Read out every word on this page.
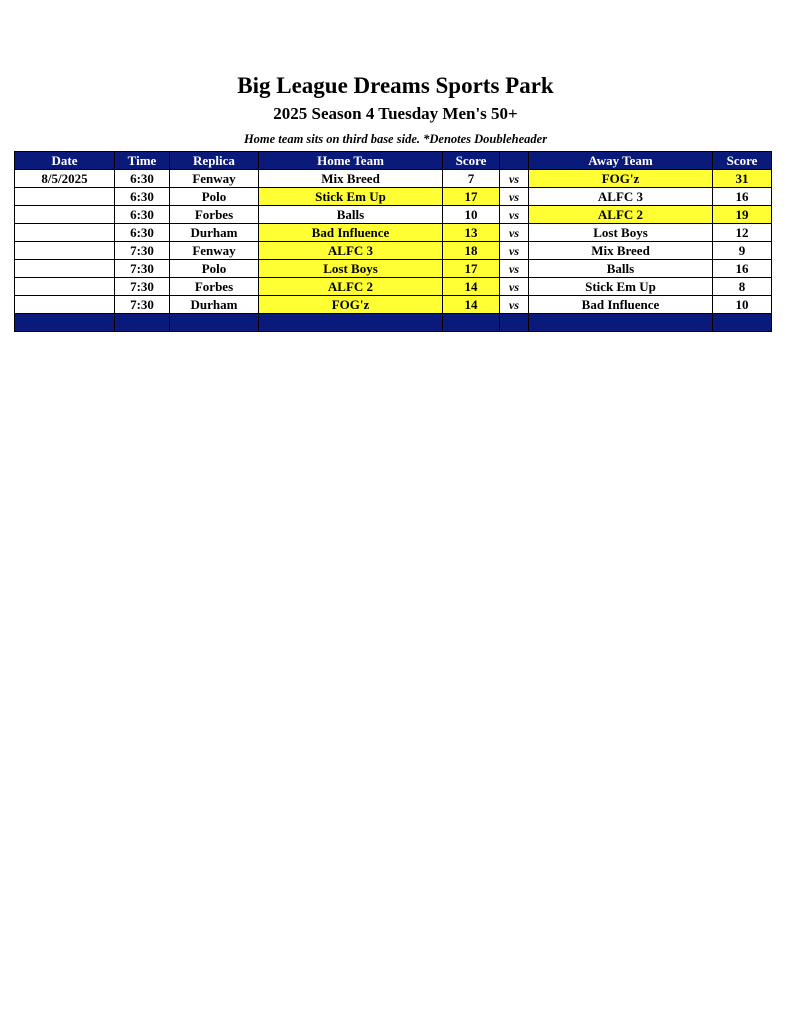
Big League Dreams Sports Park
2025 Season 4 Tuesday Men's 50+
Home team sits on third base side. *Denotes Doubleheader
Date	Time	Replica	Home Team	Score		Away Team	Score
8/5/2025	6:30	Fenway	Mix Breed	7	vs	FOG'z	31
	6:30	Polo	Stick Em Up	17	vs	ALFC 3	16
	6:30	Forbes	Balls	10	vs	ALFC 2	19
	6:30	Durham	Bad Influence	13	vs	Lost Boys	12
	7:30	Fenway	ALFC 3	18	vs	Mix Breed	9
	7:30	Polo	Lost Boys	17	vs	Balls	16
	7:30	Forbes	ALFC 2	14	vs	Stick Em Up	8
	7:30	Durham	FOG'z	14	vs	Bad Influence	10
